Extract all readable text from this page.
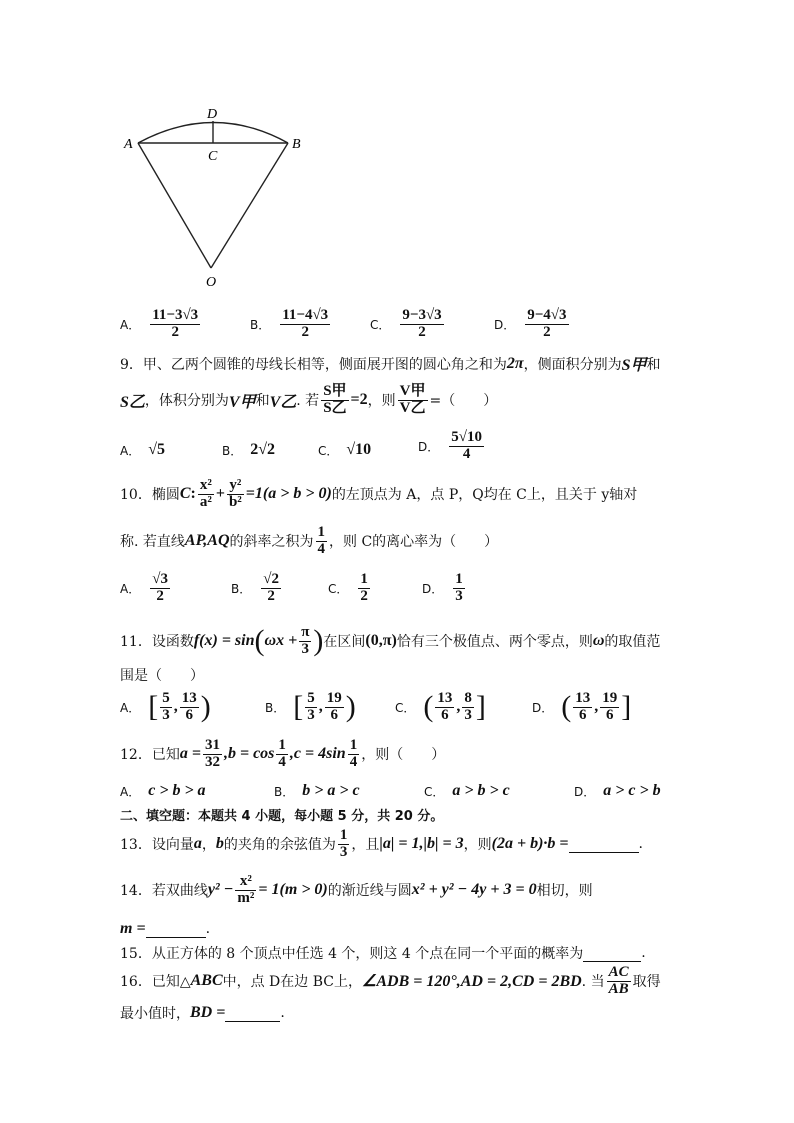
A	B
C
D
O
A． $\frac{11-3√3}{2}$	B． $\frac{11-4√3}{2}$	C． $\frac{9-3√3}{2}$	D． $\frac{9-4√3}{2}$
9．甲、乙两个圆锥的母线长相等，侧面展开图的圆心角之和为 2π ，侧面积分别为 S甲 和
S乙 ，体积分别为 V甲 和 V乙 . 若 $\frac{\text{S甲}}{\text{S乙}} =2$ ，则 $\frac{\text{V甲}}{\text{V乙}}$ =（　　）
A． √5	B． 2√2	C． √10	D． $\frac{5√10}{4}$
10．椭圆 C : $\frac{\text{x²}}{\text{a²}} + \frac{\text{y²}}{\text{b²}} =1(a > b > 0)$ 的左顶点为 A，点 P，Q均在 C上，且关于 y轴对
称. 若直线 AP,AQ 的斜率之积为 $\frac{1}{4}$ ，则 C的离心率为（　　）
A． $\frac{√3}{2}$	B． $\frac{√2}{2}$	C． $\frac{1}{2}$	D． $\frac{1}{3}$
11．设函数 f(x) = sin ( $\omega x + \frac{\pi}{3}$ ) 在区间 (0,π) 恰有三个极值点、两个零点，则 ω 的取值范
围是（　　）
A． [ $\frac{5}{3}$ , $\frac{13}{6}$ )	B． [ $\frac{5}{3}$ , $\frac{19}{6}$ )	C． ( $\frac{13}{6}$ , $\frac{8}{3}$ ]	D． ( $\frac{13}{6}$ , $\frac{19}{6}$ ]
12．已知 $a = \frac{31}{32} ,b = \cos \frac{1}{4} ,c = 4\sin \frac{1}{4}$ ，则（　　）
A． c > b > a	B． b > a > c	C． a > b > c	D． a > c > b
二、填空题：本题共 4 小题，每小题 5 分，共 20 分。
13．设向量 a ， b 的夹角的余弦值为 $\frac{1}{3}$ ，且 |a| = 1,|b| = 3 ，则 (2a + b)·b =	.
14．若双曲线 $y^2 - \frac{\text{x²}}{\text{m²}} = 1(m > 0)$ 的渐近线与圆 x² + y² − 4y + 3 = 0 相切，则
m =	.
15．从正方体的 8 个顶点中任选 4 个，则这 4 个点在同一个平面的概率为	.
16．已知△ ABC 中，点 D在边 BC上， ∠ADB = 120°,AD = 2,CD = 2BD . 当 $\frac{AC}{AB}$ 取得
最小值时， BD =	.
